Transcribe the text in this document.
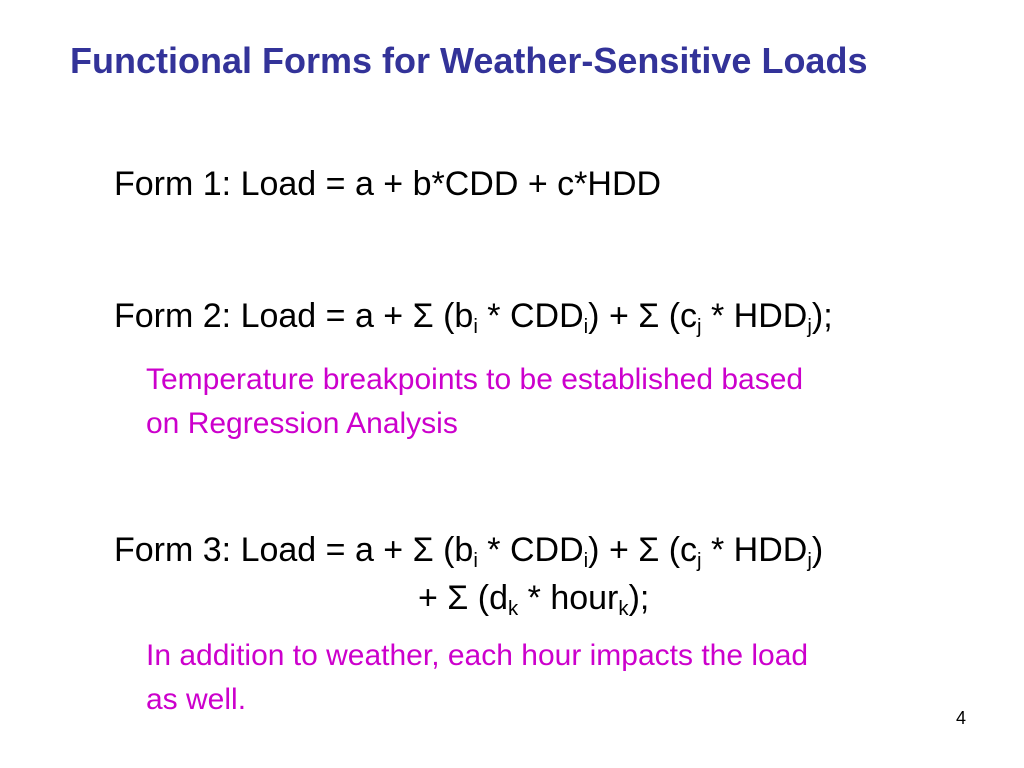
Functional Forms for Weather-Sensitive Loads
Form 1: Load = a + b*CDD + c*HDD
Form 2: Load = a + Σ $(b_i * CDD_i) + \Sigma$ $(c_j * HDD_j)$;
Temperature breakpoints to be established based
on Regression Analysis
Form 3: Load = a + Σ $(b_i * CDD_i) + \Sigma$ $(c_j * HDD_j)$
+ Σ ($d_k$ * hour$_k$);
In addition to weather, each hour impacts the load
as well.
4
